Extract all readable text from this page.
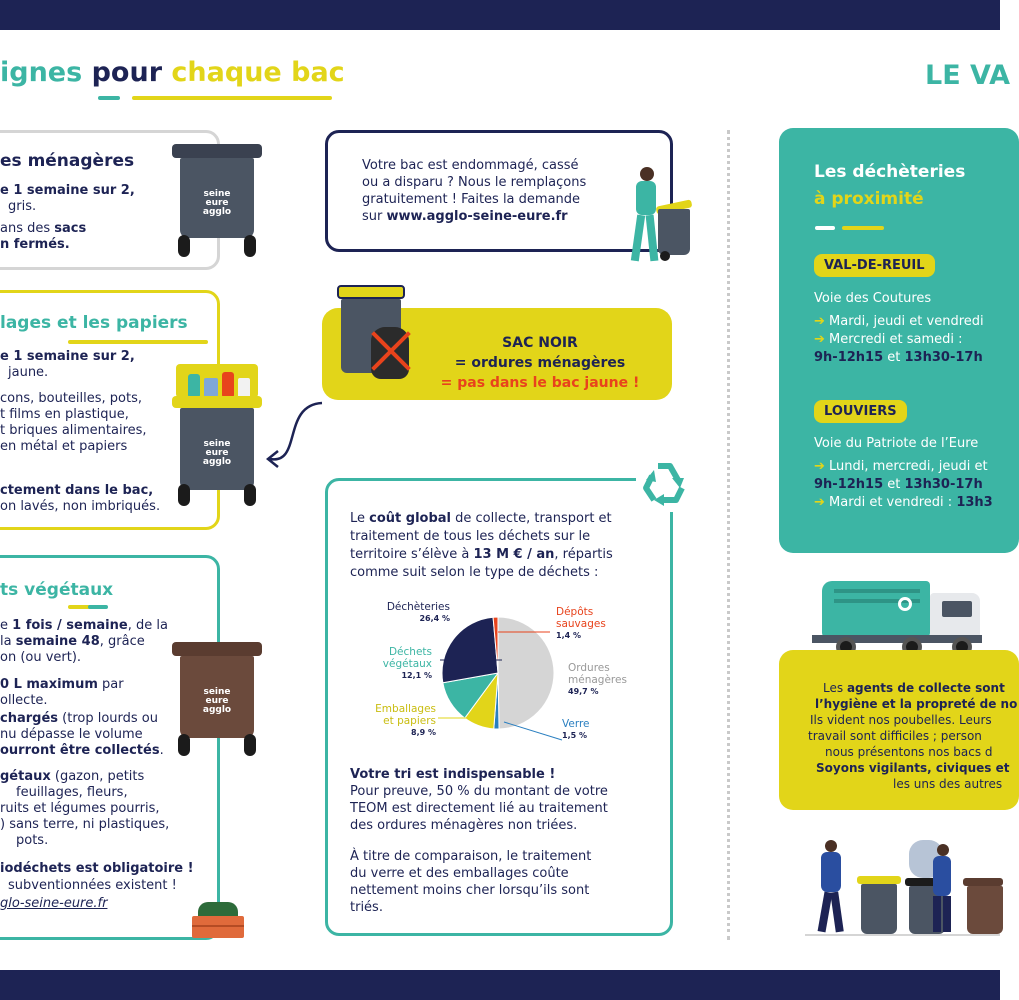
ignes pour chaque bac	LE VA
es ménagères
e 1 semaine sur 2,
gris.
ans des sacs
n fermés.
seine
eure
agglo
lages et les papiers
e 1 semaine sur 2,
jaune.
cons, bouteilles, pots,
t films en plastique,
t briques alimentaires,
en métal et papiers
ctement dans le bac,
on lavés, non imbriqués.
seine
eure
agglo
ts végétaux
e 1 fois / semaine, de la
la semaine 48, grâce
on (ou vert).
0 L maximum par
ollecte.
chargés (trop lourds ou
nu dépasse le volume
ourront être collectés.
gétaux (gazon, petits
feuillages, fleurs,
ruits et légumes pourris,
) sans terre, ni plastiques,
pots.
iodéchets est obligatoire !
subventionnées existent !
glo-seine-eure.fr
seine
eure
agglo
Votre bac est endommagé, cassé
ou a disparu ? Nous le remplaçons
gratuitement ! Faites la demande
sur www.agglo-seine-eure.fr
SAC NOIR
= ordures ménagères
= pas dans le bac jaune !
Le coût global de collecte, transport et
traitement de tous les déchets sur le
territoire s’élève à 13 M € / an, répartis
comme suit selon le type de déchets :
Déchèteries
26,4 %
Dépôts
sauvages
1,4 %
Ordures
ménagères
49,7 %
Verre
1,5 %
Emballages
et papiers
8,9 %
Déchets
végétaux
12,1 %
Votre tri est indispensable !
Pour preuve, 50 % du montant de votre
TEOM est directement lié au traitement
des ordures ménagères non triées.
À titre de comparaison, le traitement
du verre et des emballages coûte
nettement moins cher lorsqu’ils sont
triés.
Les déchèteries
à proximité
VAL-DE-REUIL
Voie des Coutures
➔ Mardi, jeudi et vendredi
➔ Mercredi et samedi :
9h-12h15 et 13h30-17h
LOUVIERS
Voie du Patriote de l’Eure
➔ Lundi, mercredi, jeudi et
9h-12h15 et 13h30-17h
➔ Mardi et vendredi : 13h3
Les agents de collecte sont
l’hygiène et la propreté de no
Ils vident nos poubelles. Leurs
travail sont difficiles ; person
nous présentons nos bacs d
Soyons vigilants, civiques et
les uns des autres
